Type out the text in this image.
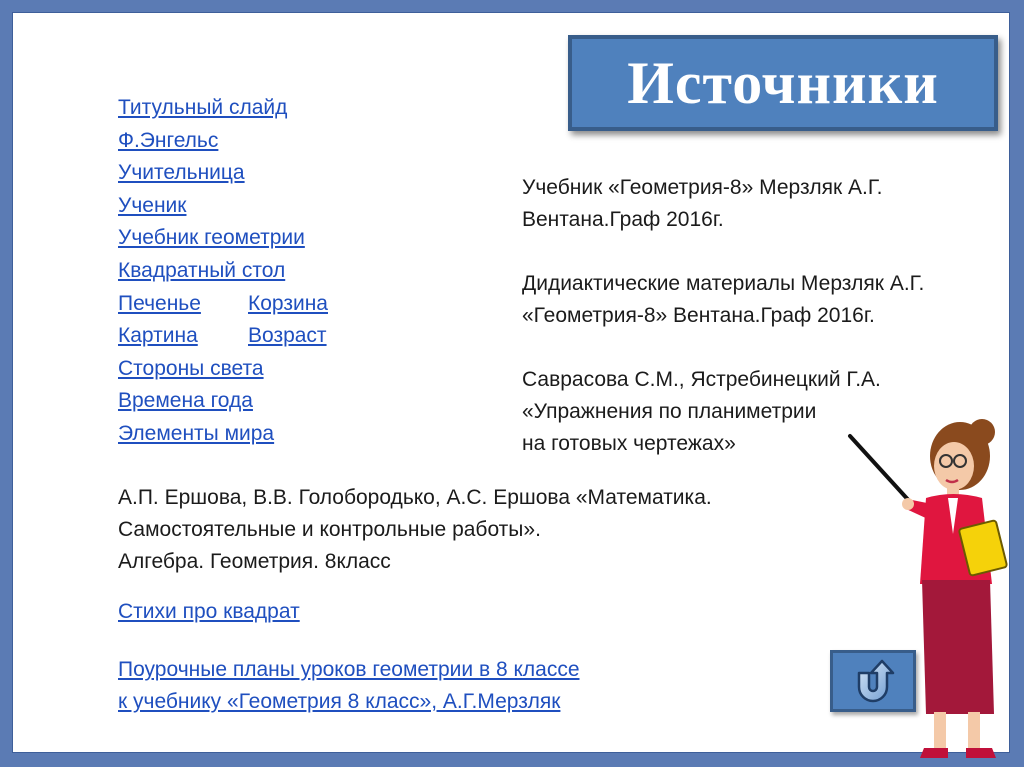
Источники
Титульный слайд
Ф.Энгельс
Учительница
Ученик
Учебник геометрии
Квадратный стол
Печенье	Корзина
Картина	Возраст
Стороны света
Времена года
Элементы мира

Учебник «Геометрия-8» Мерзляк А.Г.
Вентана.Граф 2016г.

Дидиактические материалы Мерзляк А.Г.
«Геометрия-8» Вентана.Граф 2016г.

Саврасова С.М., Ястребинецкий Г.А.
«Упражнения по планиметрии
на готовых чертежах»

А.П. Ершова, В.В. Голобородько, А.С. Ершова «Математика.
Самостоятельные и контрольные работы».
Алгебра. Геометрия. 8класс
Стихи про квадрат
Поурочные планы уроков геометрии в 8 классе
к учебнику «Геометрия 8 класс», А.Г.Мерзляк
